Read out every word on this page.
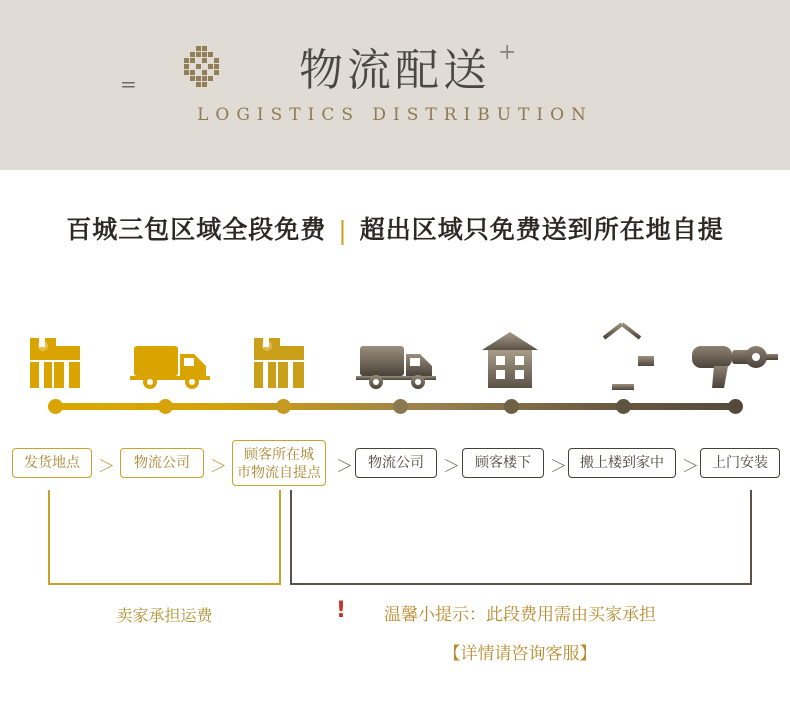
=
+
物流配送
LOGISTICS DISTRIBUTION
百城三包区域全段免费 | 超出区域只免费送到所在地自提
发货地点	＞	物流公司	＞
顾客所在城
市物流自提点 ＞	物流公司	＞	顾客楼下	＞ 搬上楼到家中	＞ 上门安装
卖家承担运费	!	温馨小提示：此段费用需由买家承担
【详情请咨询客服】
